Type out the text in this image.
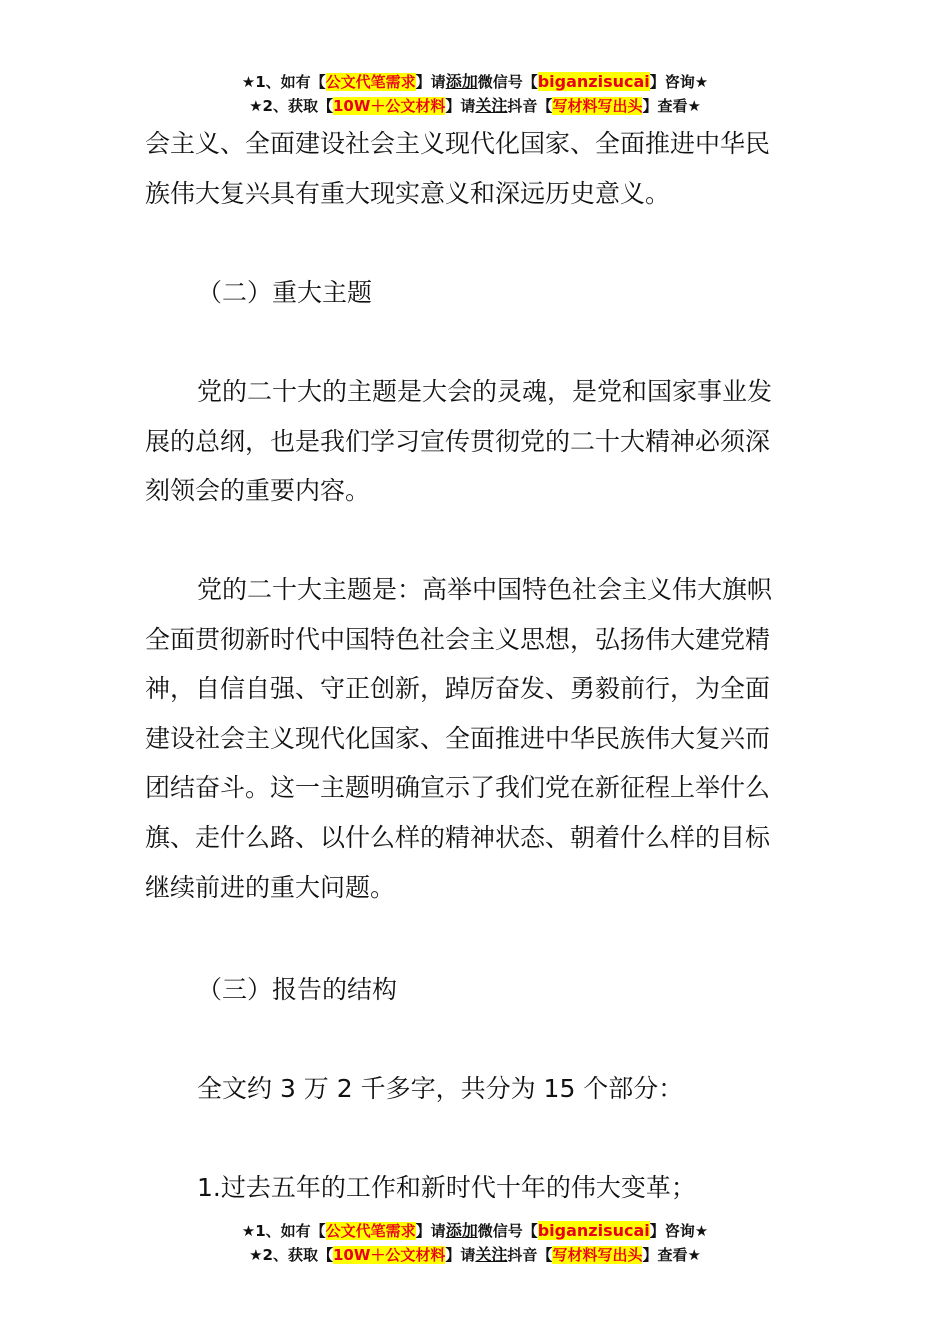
★1、如有【公文代笔需求】请添加微信号【biganzisucai】咨询★
★2、获取【10W＋公文材料】请关注抖音【写材料写出头】查看★

会主义、全面建设社会主义现代化国家、全面推进中华民

族伟大复兴具有重大现实意义和深远历史意义。

（二）重大主题

党的二十大的主题是大会的灵魂，是党和国家事业发

展的总纲，也是我们学习宣传贯彻党的二十大精神必须深

刻领会的重要内容。

党的二十大主题是：高举中国特色社会主义伟大旗帜

全面贯彻新时代中国特色社会主义思想，弘扬伟大建党精

神，自信自强、守正创新，踔厉奋发、勇毅前行，为全面

建设社会主义现代化国家、全面推进中华民族伟大复兴而

团结奋斗。这一主题明确宣示了我们党在新征程上举什么

旗、走什么路、以什么样的精神状态、朝着什么样的目标

继续前进的重大问题。

（三）报告的结构

全文约 3 万 2 千多字，共分为 15 个部分：

1.过去五年的工作和新时代十年的伟大变革；

★1、如有【公文代笔需求】请添加微信号【biganzisucai】咨询★
★2、获取【10W＋公文材料】请关注抖音【写材料写出头】查看★
